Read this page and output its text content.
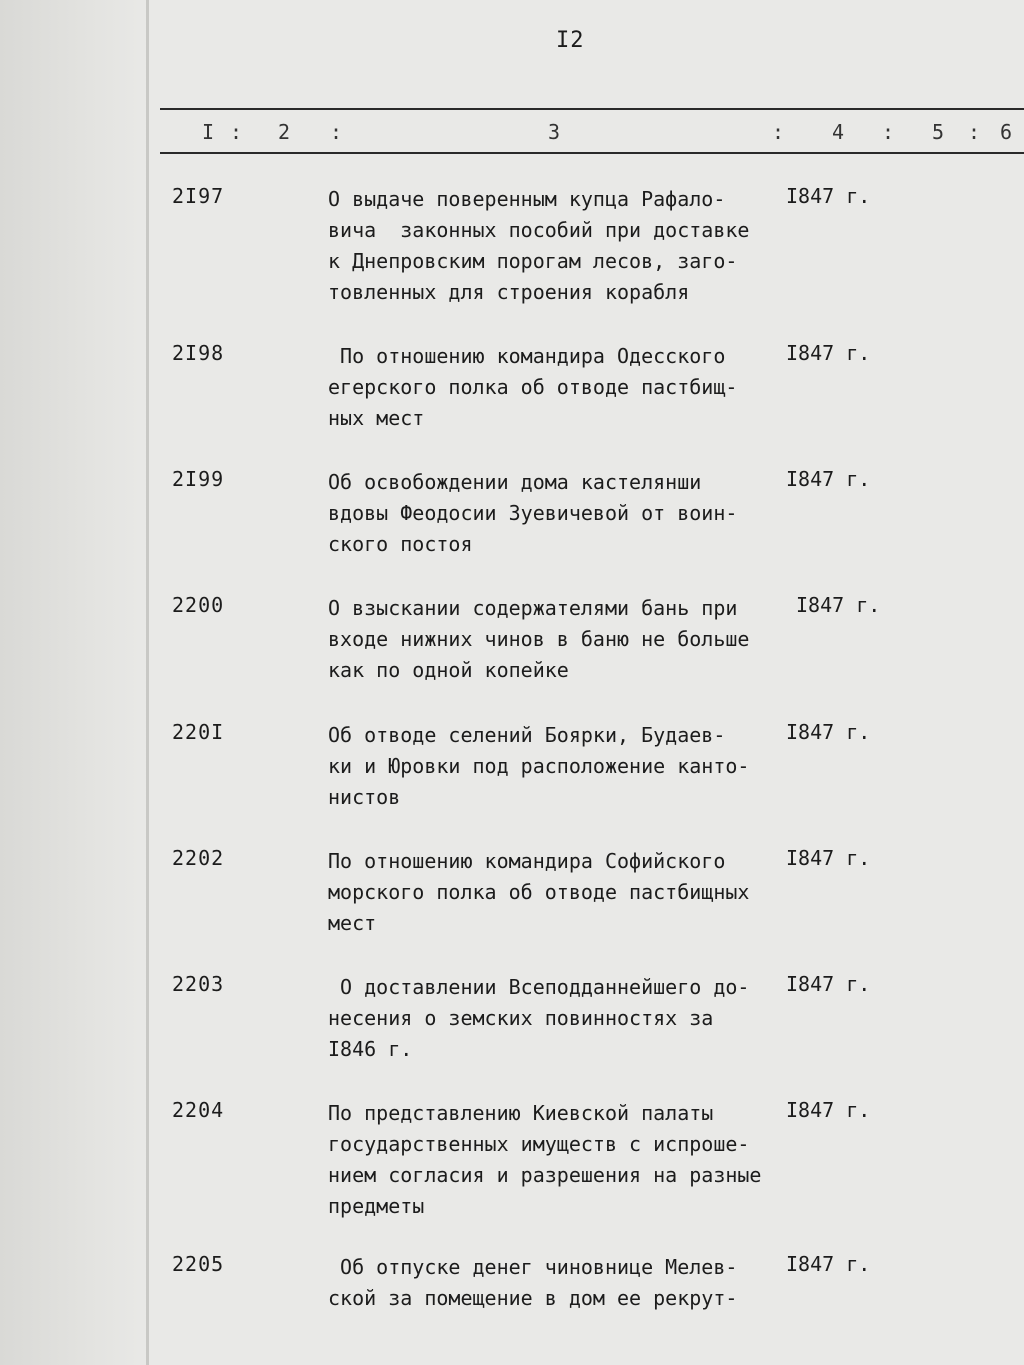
I2
I : 2 :	3	: 4 : 5 : 6
2I97	О выдаче поверенным купца Рафало-
вича  законных пособий при доставке
к Днепровским порогам лесов, заго-
товленных для строения корабля
I847 г.
2I98	По отношению командира Одесского
егерского полка об отводе пастбищ-
ных мест
I847 г.
2I99	Об освобождении дома кастелянши
вдовы Феодосии Зуевичевой от воин-
ского постоя
I847 г.
2200	О взыскании содержателями бань при
входе нижних чинов в баню не больше
как по одной копейке
I847 г.
220I	Об отводе селений Боярки, Будаев-
ки и Юровки под расположение канто-
нистов
I847 г.
2202	По отношению командира Софийского
морского полка об отводе пастбищных
мест
I847 г.
2203	О доставлении Всеподданнейшего до-
несения о земских повинностях за
I846 г.
I847 г.
2204	По представлению Киевской палаты
государственных имуществ с испроше-
нием согласия и разрешения на разные
предметы
I847 г.
2205	Об отпуске денег чиновнице Мелев-
ской за помещение в дом ее рекрут-
I847 г.
